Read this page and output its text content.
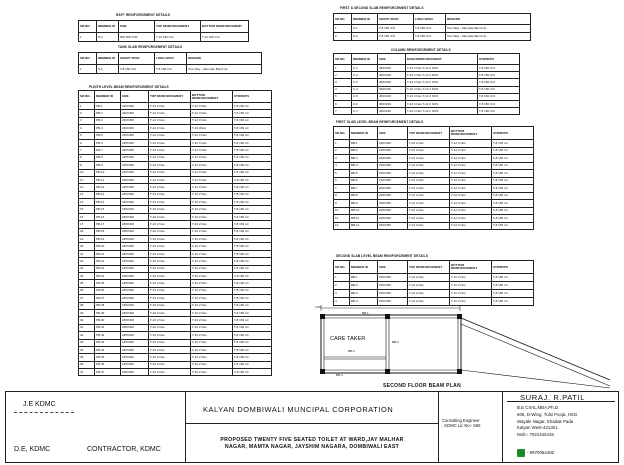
RAFT REINFORCEMENT DETAILS
SR.NO.	MEMBER ID	SIZE	TOP REINFORCEMENT	BOTTOM REINFORCEMENT
1	R-1	500 MM THK	T-10 150 C/C	T-10 150 C/C
TANK SLAB REINFORCEMENT DETAILS
SR.NO.	MEMBER ID	SHORT SPAN	LONG SPAN	REMARK
1	S-1	T-8 150 C/C	T-8 150 C/C	One Way - Alternate Bend Up
PLINTH LEVEL BEAM REINFORCEMENT DETAILS
SR.NO.	MEMBER ID	SIZE	TOP REINFORCEMENT	BOTTOM REINFORCEMENT	STIRRUPS
1	PB-1	230X450	T-12 2 Nos	T-12 3 Nos	T-8 150 c/c
2	PB-2	230X450	T-12 2 Nos	T-12 3 Nos	T-8 150 c/c
3	PB-3	230X450	T-12 2 Nos	T-12 3 Nos	T-8 150 c/c
4	PB-4	230X450	T-12 2 Nos	T-16 3Nos	T-8 150 c/c
5	PB-5	230X450	T-12 2 Nos	T-12 3 Nos	T-8 150 c/c
6	PB-6	230X450	T-12 2 Nos	T-12 3 Nos	T-8 150 c/c
7	PB-7	230X450	T-12 2 Nos	T-12 3 Nos	T-8 150 c/c
8	PB-8	230X450	T-12 2 Nos	T-12 3 Nos	T-8 150 c/c
9	PB-9	230X450	T-12 2 Nos	T-12 3 Nos	T-8 150 c/c
10	PB-10	230X450	T-12 2 Nos	T-12 3 Nos	T-8 150 c/c
11	PB-11	230X450	T-12 2 Nos	T-12 3 Nos	T-8 150 c/c
12	PB-12	230X450	T-12 2 Nos	T-12 3 Nos	T-8 150 c/c
13	PB-13	180X300	T-10 2 Nos	T-10 2 Nos	T-8 150 c/c
14	PB-14	180X300	T-10 2 Nos	T-10 2 Nos	T-8 150 c/c
15	PB-15	180X300	T-10 2 Nos	T-10 2 Nos	T-8 150 c/c
16	PB-16	180X300	T-10 2 Nos	T-10 2 Nos	T-8 150 c/c
17	PB-17	180X300	T-10 2 Nos	T-10 2 Nos	T-8 150 c/c
18	PB-18	180X300	T-10 2 Nos	T-10 2 Nos	T-8 150 c/c
19	PB-19	180X300	T-10 2 Nos	T-10 2 Nos	T-8 150 c/c
20	PB-20	180X300	T-10 2 Nos	T-10 2 Nos	T-8 150 c/c
21	PB-21	180X300	T-10 2 Nos	T-10 2 Nos	T-8 150 c/c
22	PB-22	180X300	T-10 2 Nos	T-10 2 Nos	T-8 150 c/c
23	PB-23	180X300	T-10 2 Nos	T-10 2 Nos	T-8 150 c/c
24	PB-24	180X300	T-10 2 Nos	T-10 2 Nos	T-8 150 c/c
25	PB-25	180X300	T-10 2 Nos	T-10 2 Nos	T-8 150 c/c
26	PB-26	180X300	T-10 2 Nos	T-10 2 Nos	T-8 150 c/c
27	PB-27	180X300	T-10 2 Nos	T-10 2 Nos	T-8 150 c/c
28	PB-28	180X300	T-10 2 Nos	T-10 2 Nos	T-8 150 c/c
29	PB-29	180X300	T-10 2 Nos	T-10 2 Nos	T-8 150 c/c
30	PB-30	180X300	T-10 2 Nos	T-10 2 Nos	T-8 150 c/c
31	PB-31	180X300	T-10 2 Nos	T-10 2 Nos	T-8 150 c/c
32	PB-32	180X300	T-10 2 Nos	T-10 2 Nos	T-8 150 c/c
33	PB-33	180X300	T-10 2 Nos	T-10 2 Nos	T-8 150 c/c
34	PB-34	180X300	T-10 2 Nos	T-10 2 Nos	T-8 150 c/c
35	PB-35	180X300	T-10 2 Nos	T-10 2 Nos	T-8 150 c/c
36	PB-36	180X300	T-10 2 Nos	T-10 2 Nos	T-8 150 c/c
37	PB-37	180X300	T-10 2 Nos	T-10 2 Nos	T-8 150 c/c
FIRST & SECOND SLAB REINFORCEMENT DETAILS
SR.NO.	MEMBER ID	SHORT SPAN	LONG SPAN	REMARK
1	S-1	T-8 150 C/C	T-8 150 C/C	Two Way - Alternate Bend Up
2	S-2	T-8 150 C/C	T-8 150 C/C	Two Way - Alternate Bend Up
COLUMN REINFORCEMENT DETAILS
SR.NO.	MEMBER ID	SIZE	MAIN REINFORCEMENT	STIRRUPS
1	C-1	450X230	T-16 4 Nos T-12 2 NOS	T-8 150 C/C
2	C-2	450X230	T-16 4 Nos T-12 2 NOS	T-8 150 C/C
3	C-3	450X230	T-16 4 Nos T-12 2 NOS	T-8 150 C/C
4	C-4	450X230	T-16 4 Nos T-12 2 NOS	T-8 150 C/C
5	C-5	450X230	T-16 4 Nos T-12 2 NOS	T-8 150 C/C
6	C-6	450X230	T-16 4 Nos T-12 2 NOS	T-8 150 C/C
7	C-7	450X230	T-16 4 Nos T-12 2 NOS	T-8 150 C/C
FIRST SLAB LEVEL BEAM REINFORCEMENT DETAILS
SR.NO.	MEMBER ID	SIZE	TOP REINFORCEMENT	BOTTOM REINFORCEMENT	STIRRUPS
1	BB-1	230X450	T-12 2 Nos	T-12 3 Nos	T-8 150 c/c
2	BB-2	230X450	T-12 2 Nos	T-12 3 Nos	T-8 150 c/c
3	BB-3	230X450	T-12 2 Nos	T-12 3 Nos	T-8 150 c/c
4	BB-4	230X450	T-12 2 Nos	T-12 3 Nos	T-8 150 c/c
5	BB-5	230X450	T-12 2 Nos	T-12 3 Nos	T-8 150 c/c
6	BB-6	230X450	T-12 2 Nos	T-12 3 Nos	T-8 150 c/c
7	BB-7	230X450	T-12 2 Nos	T-12 3 Nos	T-8 150 c/c
8	BB-8	230X450	T-12 2 Nos	T-12 3 Nos	T-8 150 c/c
9	BB-9	230X450	T-12 2 Nos	T-12 3 Nos	T-8 150 c/c
10	BB-10	230X450	T-12 2 Nos	T-12 3 Nos	T-8 150 c/c
11	BB-11	230X450	T-12 2 Nos	T-12 3 Nos	T-8 150 c/c
12	BB-12	230X450	T-12 2 Nos	T-12 3 Nos	T-8 150 c/c
SECOND SLAB LEVEL BEAM REINFORCEMENT DETAILS
SR.NO.	MEMBER ID	SIZE	TOP REINFORCEMENT	BOTTOM REINFORCEMENT	STIRRUPS
1	BB-1	230X450	T-12 2 Nos	T-16 3 Nos	T-8 150 c/c
2	BB-2	230X450	T-12 2 Nos	T-16 3 Nos	T-8 150 c/c
3	BB-3	230X450	T-12 2 Nos	T-16 3 Nos	T-8 150 c/c
4	BB-4	230X450	T-12 2 Nos	T-16 3 Nos	T-8 150 c/c
4.50
BB-1
BB-2
BB-3
BB-4
CARE TAKER
SECOND FLOOR BEAM PLAN
J.E KDMC
D.E, KDMC	CONTRACTOR, KDMC
KALYAN DOMBIWALI MUNCIPAL CORPORATION
PROPOSED TWENTY FIVE SEATED TOILET AT WARD,JAY MALHAR
NAGAR, MAMTA NAGAR, JAYSHIM NAGARA, DOMBIWALI EAST
Consulting Engineer
, KDMC Lic No:- 565
SURAJ. R.PATIL
B.E CIVIL,MBA,Ph.D.
605, D-Wing, Tulsi Pooja, HSG
Wayale Nagar, Khadak Pada
Kalyan West-421301.
Mob:- 7021445415
- 9970052482
